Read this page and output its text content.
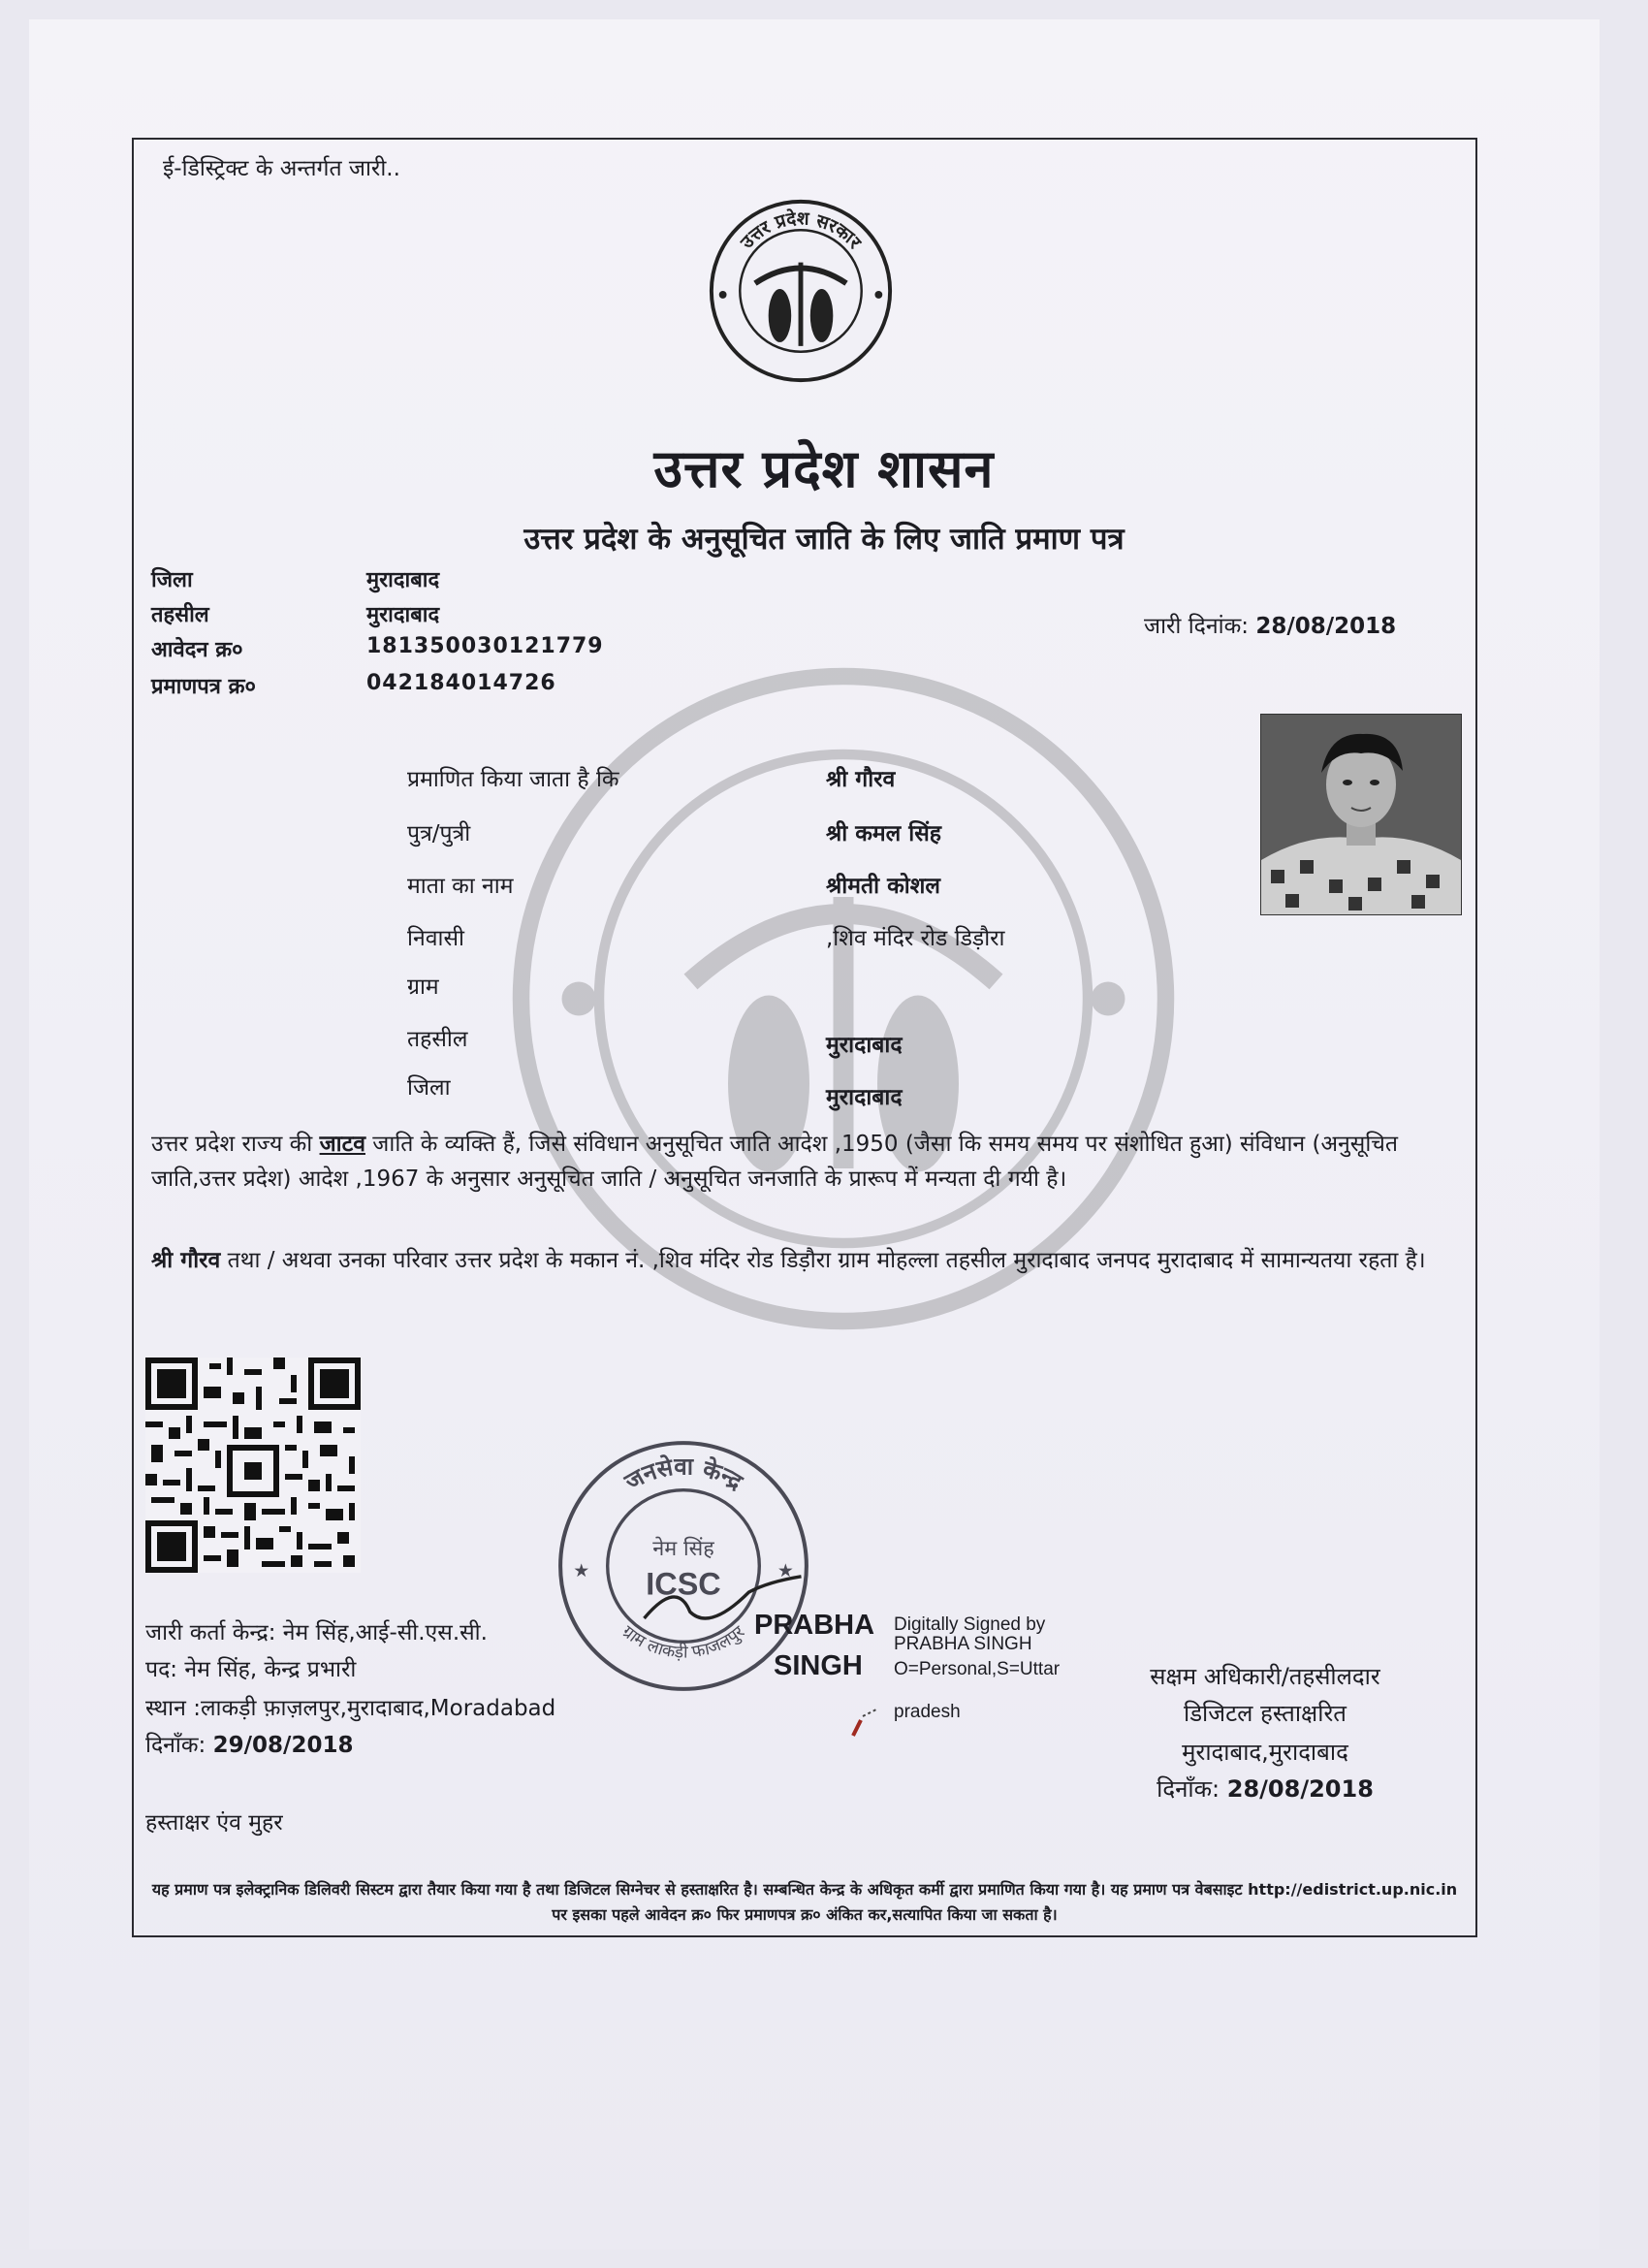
ई-डिस्ट्रिक्ट के अन्तर्गत जारी..
उत्तर प्रदेश सरकार
उत्तर प्रदेश शासन
उत्तर प्रदेश के अनुसूचित जाति के लिए जाति प्रमाण पत्र
जिला	मुरादाबाद
तहसील	मुरादाबाद
आवेदन क्र०	181350030121779
प्रमाणपत्र क्र०	042184014726
जारी दिनांक: 28/08/2018
प्रमाणित किया जाता है कि	श्री गौरव
पुत्र/पुत्री	श्री कमल सिंह
माता का नाम	श्रीमती कोशल
निवासी	,शिव मंदिर रोड डिड़ौरा
ग्राम
तहसील	मुरादाबाद
जिला	मुरादाबाद
उत्तर प्रदेश राज्य की जाटव जाति के व्यक्ति हैं, जिसे संविधान अनुसूचित जाति आदेश ,1950 (जैसा कि समय समय पर संशोधित हुआ) संविधान (अनुसूचित जाति,उत्तर प्रदेश) आदेश ,1967 के अनुसार अनुसूचित जाति / अनुसूचित जनजाति के प्रारूप में मन्यता दी गयी है।
श्री गौरव तथा / अथवा उनका परिवार उत्तर प्रदेश के मकान नं. ,शिव मंदिर रोड डिड़ौरा ग्राम मोहल्ला तहसील मुरादाबाद जनपद मुरादाबाद में सामान्यतया रहता है।
जनसेवा केन्द्र
ग्राम लाकड़ी फाजलपुर
नेम सिंह
ICSC
★	★
जारी कर्ता केन्द्र: नेम सिंह,आई-सी.एस.सी.
पद: नेम सिंह, केन्द्र प्रभारी
स्थान :लाकड़ी फ़ाज़लपुर,मुरादाबाद,Moradabad
दिनाँक: 29/08/2018
हस्ताक्षर एंव मुहर
PRABHA
SINGH
Digitally Signed by
PRABHA SINGH
O=Personal,S=Uttar
pradesh
सक्षम अधिकारी/तहसीलदार
डिजिटल हस्ताक्षरित
मुरादाबाद,मुरादाबाद
दिनाँक: 28/08/2018
यह प्रमाण पत्र इलेक्ट्रानिक डिलिवरी सिस्टम द्वारा तैयार किया गया है तथा डिजिटल सिग्नेचर से हस्ताक्षरित है। सम्बन्धित केन्द्र के अधिकृत कर्मी द्वारा प्रमाणित किया गया है। यह प्रमाण पत्र वेबसाइट http://edistrict.up.nic.in पर इसका पहले आवेदन क्र० फिर प्रमाणपत्र क्र० अंकित कर,सत्यापित किया जा सकता है।
